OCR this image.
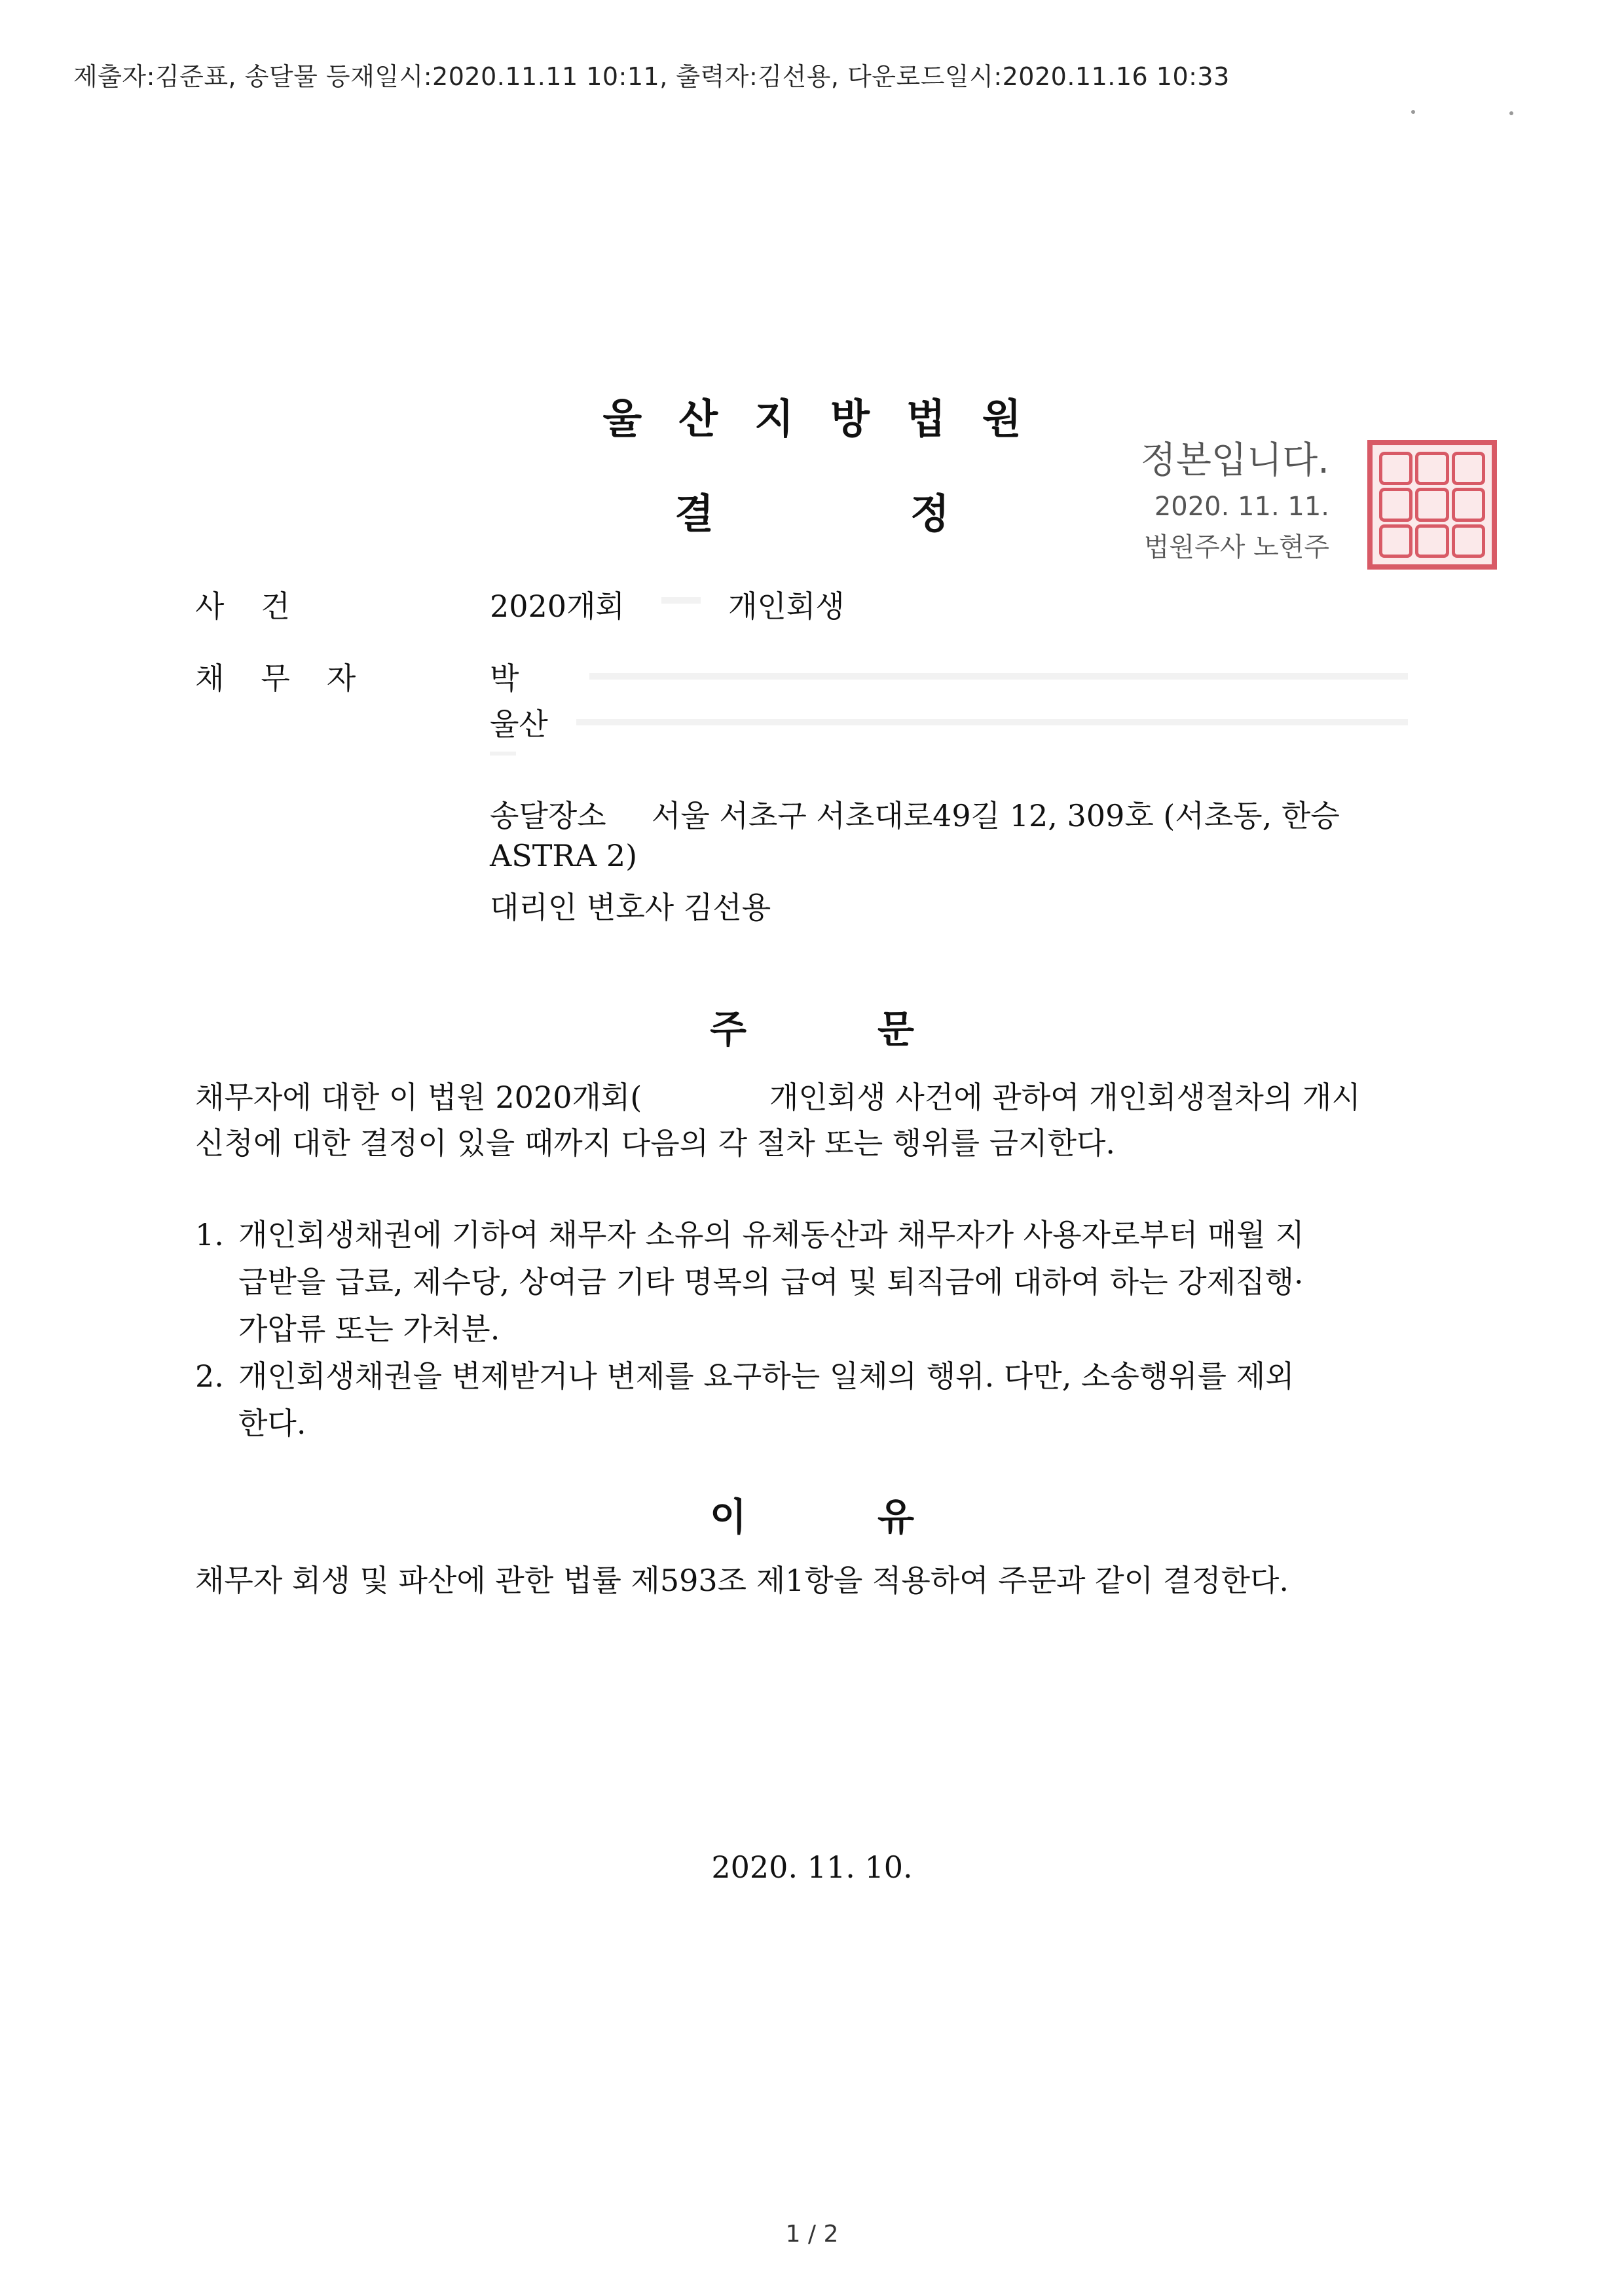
제출자:김준표, 송달물 등재일시:2020.11.11 10:11, 출력자:김선용, 다운로드일시:2020.11.16 10:33
울산지방법원
결정
정본입니다.
2020. 11. 11.
법원주사 노현주
사건	2020개회	개인회생
채무자	박
울산
송달장소 서울 서초구 서초대로49길 12, 309호 (서초동, 한승
ASTRA 2)
대리인 변호사 김선용
주문
채무자에 대한 이 법원 2020개회(	개인회생 사건에 관하여 개인회생절차의 개시
신청에 대한 결정이 있을 때까지 다음의 각 절차 또는 행위를 금지한다.
1. 개인회생채권에 기하여 채무자 소유의 유체동산과 채무자가 사용자로부터 매월 지
급받을 급료, 제수당, 상여금 기타 명목의 급여 및 퇴직금에 대하여 하는 강제집행·
가압류 또는 가처분.
2. 개인회생채권을 변제받거나 변제를 요구하는 일체의 행위. 다만, 소송행위를 제외
한다.
이유
채무자 회생 및 파산에 관한 법률 제593조 제1항을 적용하여 주문과 같이 결정한다.
2020. 11. 10.
1 / 2
